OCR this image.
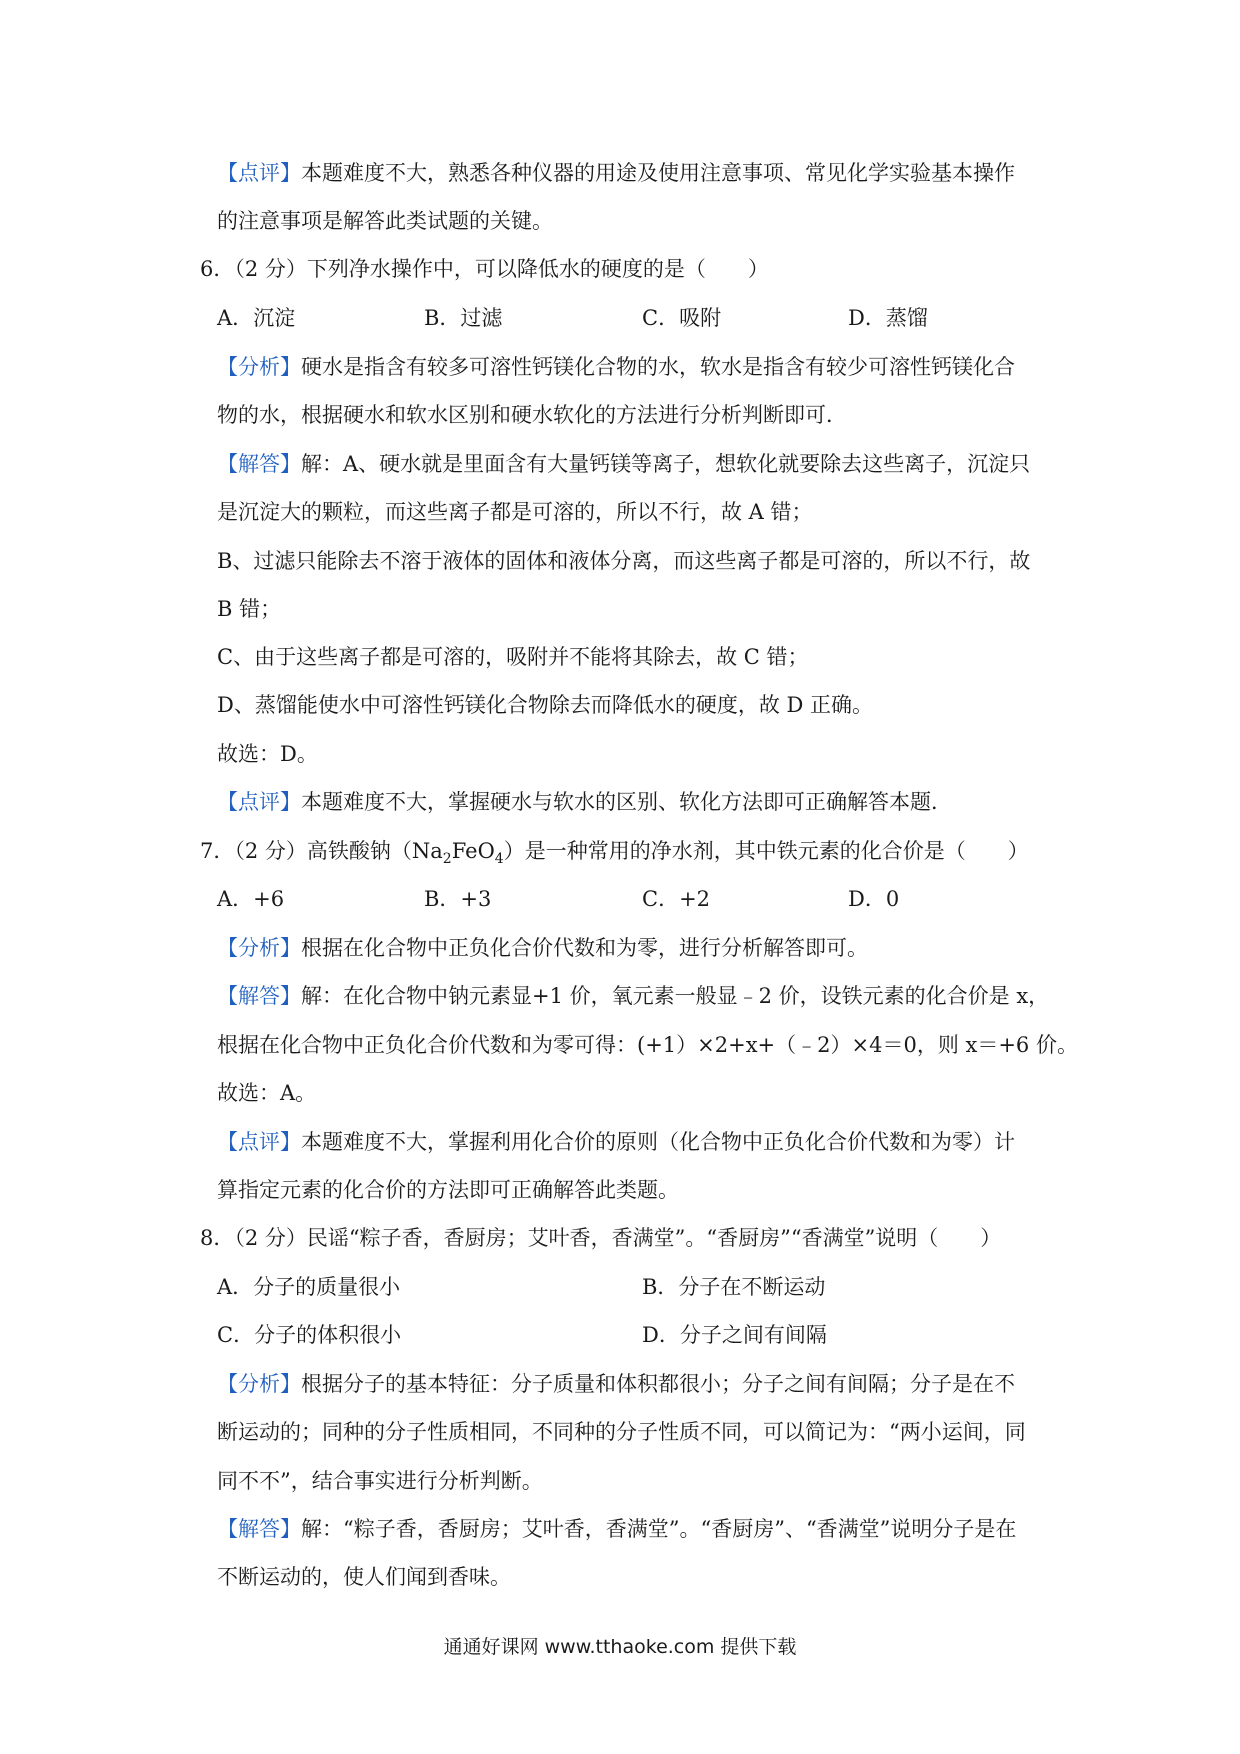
【点评】本题难度不大，熟悉各种仪器的用途及使用注意事项、常见化学实验基本操作
的注意事项是解答此类试题的关键。
6．（2 分）下列净水操作中，可以降低水的硬度的是（　　）
A．沉淀	B．过滤	C．吸附	D．蒸馏
【分析】硬水是指含有较多可溶性钙镁化合物的水，软水是指含有较少可溶性钙镁化合
物的水，根据硬水和软水区别和硬水软化的方法进行分析判断即可．
【解答】解：A、硬水就是里面含有大量钙镁等离子，想软化就要除去这些离子，沉淀只
是沉淀大的颗粒，而这些离子都是可溶的，所以不行，故 A 错；
B、过滤只能除去不溶于液体的固体和液体分离，而这些离子都是可溶的，所以不行，故
B 错；
C、由于这些离子都是可溶的，吸附并不能将其除去，故 C 错；
D、蒸馏能使水中可溶性钙镁化合物除去而降低水的硬度，故 D 正确。
故选：D。
【点评】本题难度不大，掌握硬水与软水的区别、软化方法即可正确解答本题．
7．（2 分）高铁酸钠$(Na_2FeO_4)$是一种常用的净水剂，其中铁元素的化合价是（　　）
A．+6	B．+3	C．+2	D．0
【分析】根据在化合物中正负化合价代数和为零，进行分析解答即可。
【解答】解：在化合物中钠元素显+1 价，氧元素一般显﹣2 价，设铁元素的化合价是 x，
根据在化合物中正负化合价代数和为零可得：(+1）×2+x+（﹣2）×4＝0，则 x＝+6 价。
故选：A。
【点评】本题难度不大，掌握利用化合价的原则（化合物中正负化合价代数和为零）计
算指定元素的化合价的方法即可正确解答此类题。
8．（2 分）民谣“粽子香，香厨房；艾叶香，香满堂”。“香厨房”“香满堂”说明（　　）
A．分子的质量很小	B．分子在不断运动
C．分子的体积很小	D．分子之间有间隔
【分析】根据分子的基本特征：分子质量和体积都很小；分子之间有间隔；分子是在不
断运动的；同种的分子性质相同，不同种的分子性质不同，可以简记为：“两小运间，同
同不不”，结合事实进行分析判断。
【解答】解：“粽子香，香厨房；艾叶香，香满堂”。“香厨房”、“香满堂”说明分子是在
不断运动的，使人们闻到香味。
通通好课网 www.tthaoke.com 提供下载
